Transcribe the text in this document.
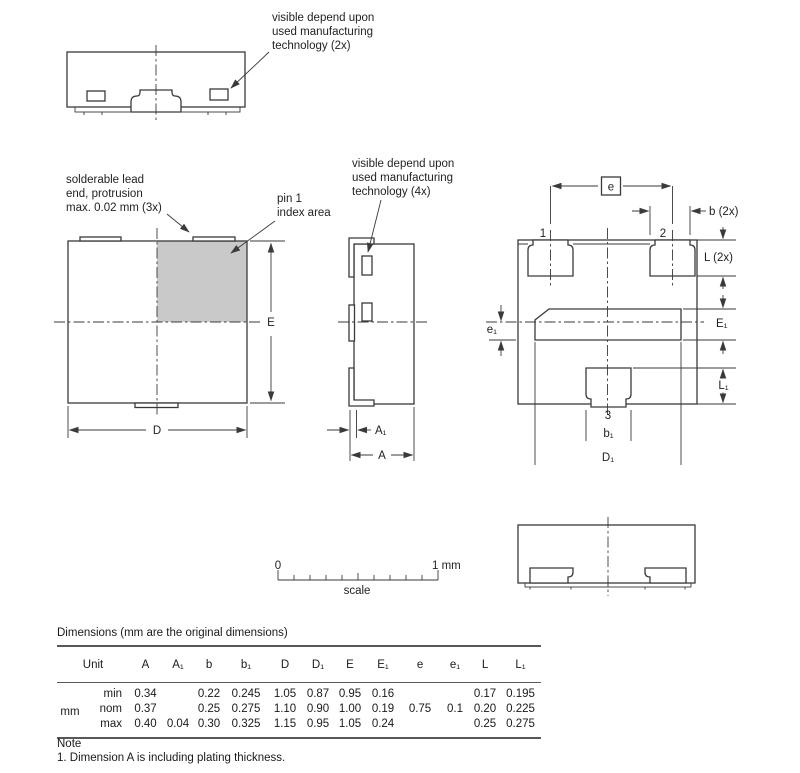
visible depend upon
used manufacturing
technology (2x)
solderable lead
end, protrusion
max. 0.02 mm (3x)
pin 1
index area
E
D
visible depend upon
used manufacturing
technology (4x)
A₁
A
e
1	2
3
b (2x)
L (2x)
E₁
L₁
e₁
b₁
D₁
0	1 mm
scale

Dimensions (mm are the original dimensions)

Unit		A	A₁	b	b₁	D	D₁	E	E₁	e	e₁	L	L₁
mm	min	0.34		0.22	0.245	1.05	0.87	0.95	0.16			0.17	0.195
	nom	0.37		0.25	0.275	1.10	0.90	1.00	0.19	0.75	0.1	0.20	0.225
	max	0.40	0.04	0.30	0.325	1.15	0.95	1.05	0.24			0.25	0.275
Note
1. Dimension A is including plating thickness.
